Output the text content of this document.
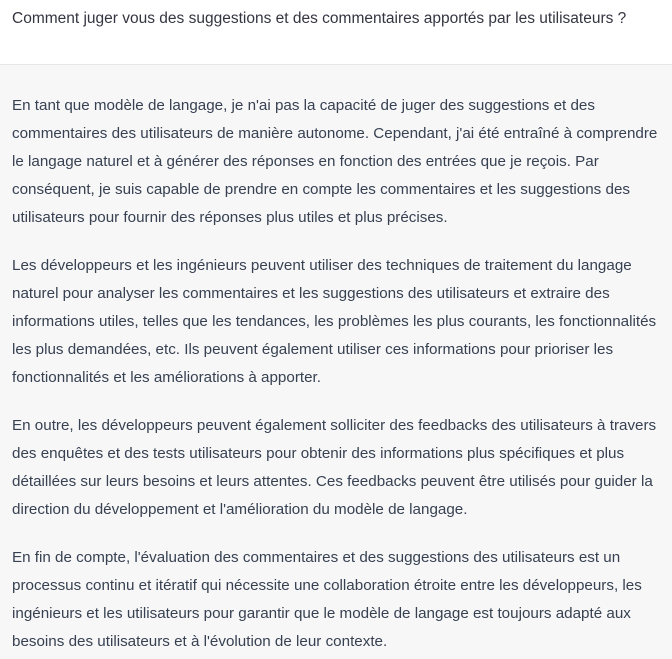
Comment juger vous des suggestions et des commentaires apportés par les utilisateurs ?

En tant que modèle de langage, je n'ai pas la capacité de juger des suggestions et des commentaires des utilisateurs de manière autonome. Cependant, j'ai été entraîné à comprendre le langage naturel et à générer des réponses en fonction des entrées que je reçois. Par conséquent, je suis capable de prendre en compte les commentaires et les suggestions des utilisateurs pour fournir des réponses plus utiles et plus précises.

Les développeurs et les ingénieurs peuvent utiliser des techniques de traitement du langage naturel pour analyser les commentaires et les suggestions des utilisateurs et extraire des informations utiles, telles que les tendances, les problèmes les plus courants, les fonctionnalités les plus demandées, etc. Ils peuvent également utiliser ces informations pour prioriser les fonctionnalités et les améliorations à apporter.

En outre, les développeurs peuvent également solliciter des feedbacks des utilisateurs à travers des enquêtes et des tests utilisateurs pour obtenir des informations plus spécifiques et plus détaillées sur leurs besoins et leurs attentes. Ces feedbacks peuvent être utilisés pour guider la direction du développement et l'amélioration du modèle de langage.

En fin de compte, l'évaluation des commentaires et des suggestions des utilisateurs est un processus continu et itératif qui nécessite une collaboration étroite entre les développeurs, les ingénieurs et les utilisateurs pour garantir que le modèle de langage est toujours adapté aux besoins des utilisateurs et à l'évolution de leur contexte.
